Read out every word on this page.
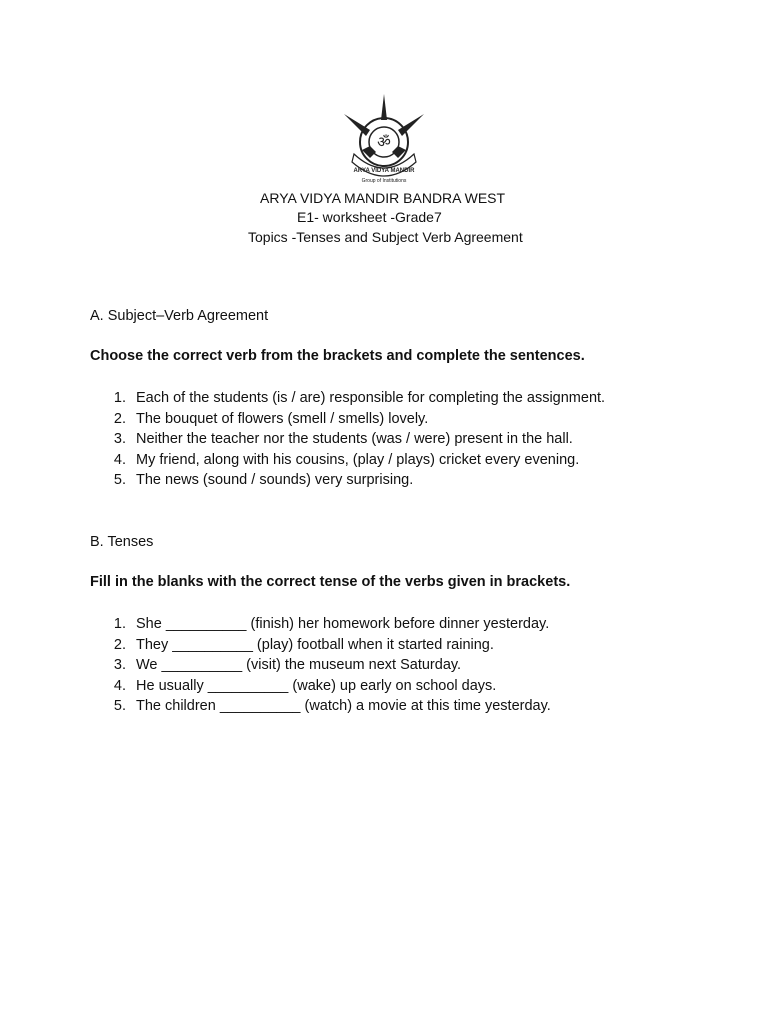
ॐ
ARYA VIDYA MANDIR
Group of Institutions
ARYA VIDYA MANDIR BANDRA WEST
E1- worksheet -Grade7
Topics -Tenses and Subject Verb Agreement
A. Subject–Verb Agreement
Choose the correct verb from the brackets and complete the sentences.
1. Each of the students (is / are) responsible for completing the assignment.
2. The bouquet of flowers (smell / smells) lovely.
3. Neither the teacher nor the students (was / were) present in the hall.
4. My friend, along with his cousins, (play / plays) cricket every evening.
5. The news (sound / sounds) very surprising.
B. Tenses
Fill in the blanks with the correct tense of the verbs given in brackets.
1. She __________ (finish) her homework before dinner yesterday.
2. They __________ (play) football when it started raining.
3. We __________ (visit) the museum next Saturday.
4. He usually __________ (wake) up early on school days.
5. The children __________ (watch) a movie at this time yesterday.
